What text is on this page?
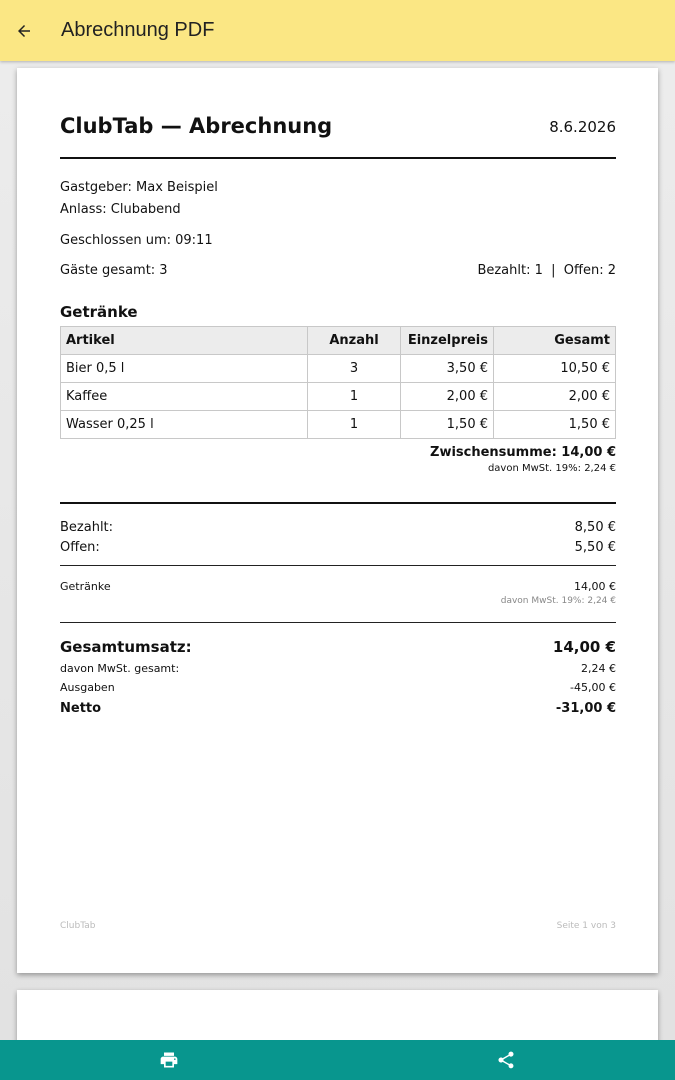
Abrechnung PDF
ClubTab — Abrechnung	8.6.2026
Gastgeber: Max Beispiel
Anlass: Clubabend
Geschlossen um: 09:11
Gäste gesamt: 3	Bezahlt: 1  |  Offen: 2
Getränke
Artikel	Anzahl	Einzelpreis	Gesamt
Bier 0,5 l	3	3,50 €	10,50 €
Kaffee	1	2,00 €	2,00 €
Wasser 0,25 l	1	1,50 €	1,50 €
Zwischensumme: 14,00 €
davon MwSt. 19%: 2,24 €
Bezahlt:	8,50 €
Offen:	5,50 €
Getränke	14,00 €
davon MwSt. 19%: 2,24 €
Gesamtumsatz:	14,00 €
davon MwSt. gesamt:	2,24 €
Ausgaben	-45,00 €
Netto	-31,00 €
ClubTab	Seite 1 von 3
